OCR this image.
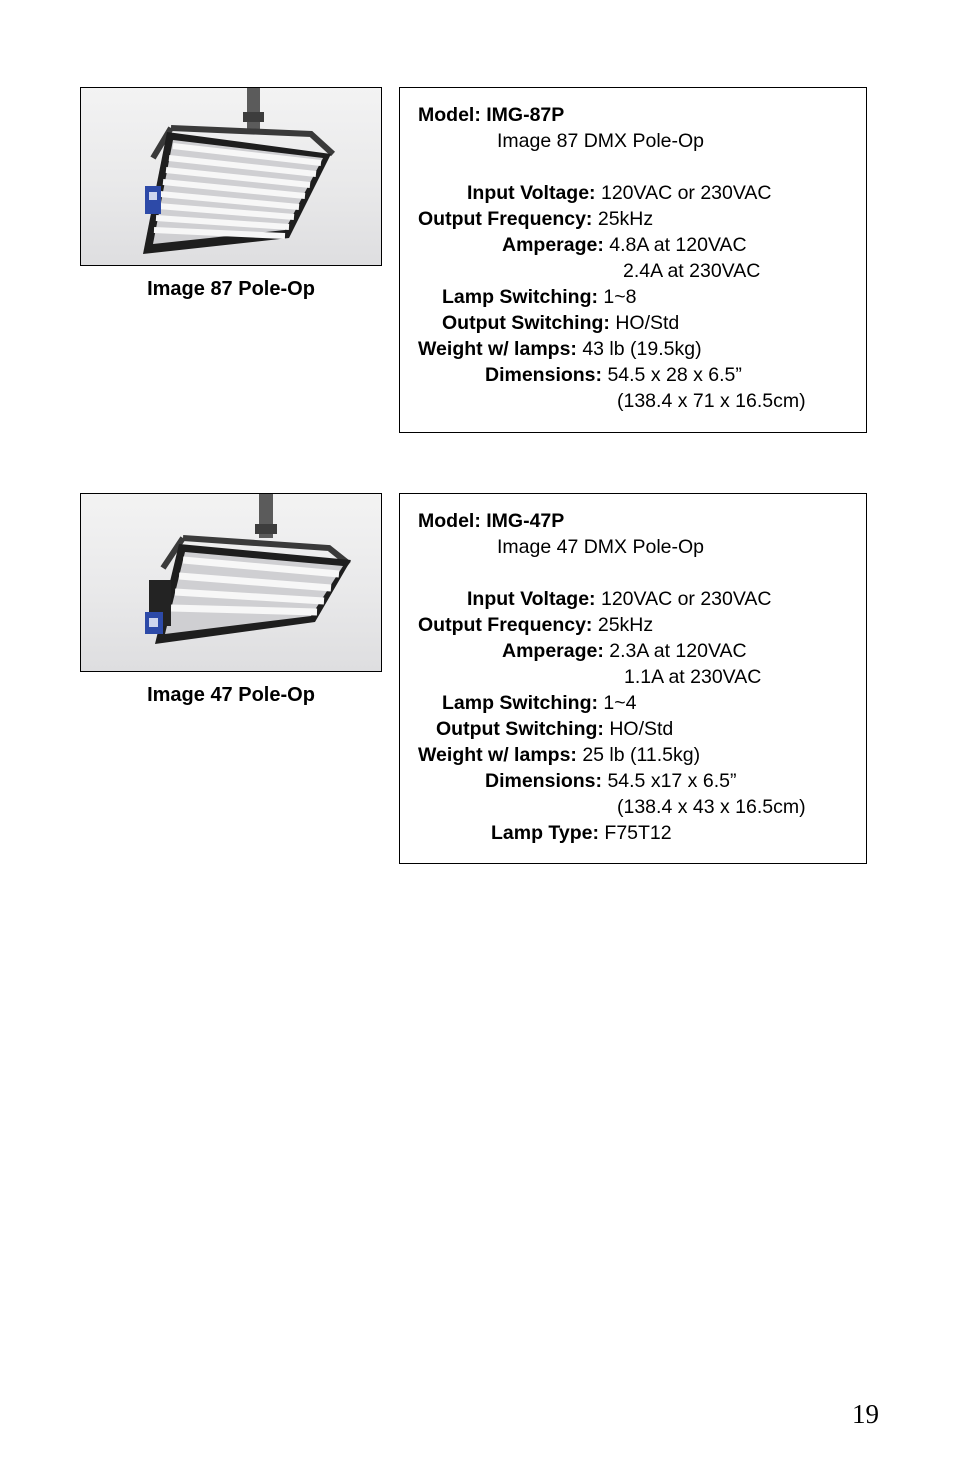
Image 87 Pole-Op
Model: IMG-87P
Image 87 DMX Pole-Op
Input Voltage: 120VAC or 230VAC
Output Frequency: 25kHz
Amperage: 4.8A at 120VAC
2.4A at 230VAC
Lamp Switching: 1~8
Output Switching: HO/Std
Weight w/ lamps: 43 lb (19.5kg)
Dimensions: 54.5 x 28 x 6.5”
(138.4 x 71 x 16.5cm)
Image 47 Pole-Op
Model: IMG-47P
Image 47 DMX Pole-Op
Input Voltage: 120VAC or 230VAC
Output Frequency: 25kHz
Amperage: 2.3A at 120VAC
1.1A at 230VAC
Lamp Switching: 1~4
Output Switching: HO/Std
Weight w/ lamps: 25 lb (11.5kg)
Dimensions: 54.5 x17 x 6.5”
(138.4 x 43 x 16.5cm)
Lamp Type: F75T12
19
